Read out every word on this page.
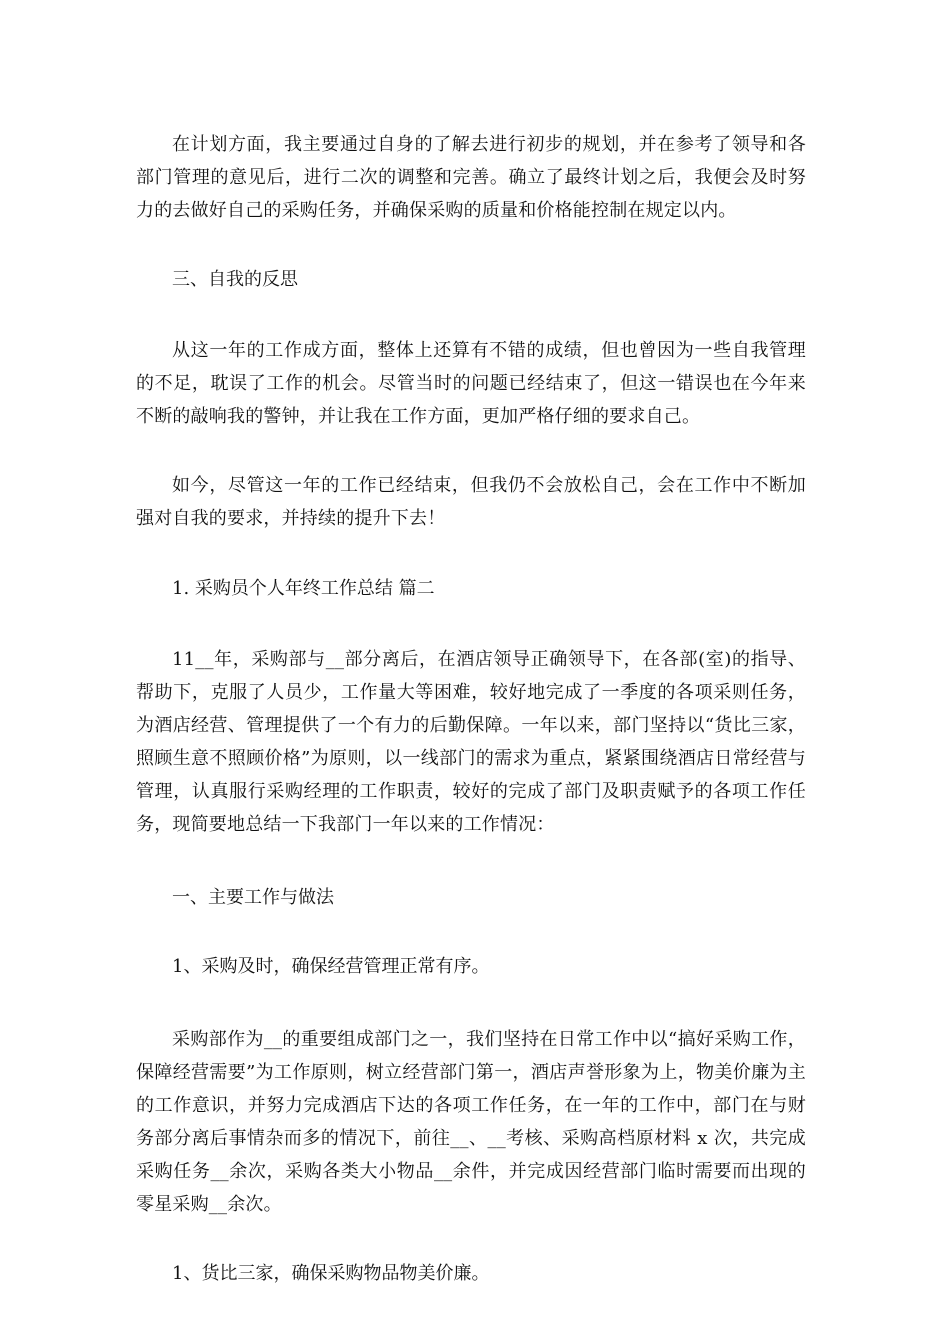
在计划方面，我主要通过自身的了解去进行初步的规划，并在参考了领导和各部门管理的意见后，进行二次的调整和完善。确立了最终计划之后，我便会及时努力的去做好自己的采购任务，并确保采购的质量和价格能控制在规定以内。

三、自我的反思

从这一年的工作成方面，整体上还算有不错的成绩，但也曾因为一些自我管理的不足，耽误了工作的机会。尽管当时的问题已经结束了，但这一错误也在今年来不断的敲响我的警钟，并让我在工作方面，更加严格仔细的要求自己。

如今，尽管这一年的工作已经结束，但我仍不会放松自己，会在工作中不断加强对自我的要求，并持续的提升下去！

1. 采购员个人年终工作总结 篇二

11__年，采购部与__部分离后，在酒店领导正确领导下，在各部(室)的指导、帮助下，克服了人员少，工作量大等困难，较好地完成了一季度的各项采则任务，为酒店经营、管理提供了一个有力的后勤保障。一年以来，部门坚持以“货比三家，照顾生意不照顾价格”为原则，以一线部门的需求为重点，紧紧围绕酒店日常经营与管理，认真服行采购经理的工作职责，较好的完成了部门及职责赋予的各项工作任务，现简要地总结一下我部门一年以来的工作情况：

一、主要工作与做法

1、采购及时，确保经营管理正常有序。

采购部作为__的重要组成部门之一，我们坚持在日常工作中以“搞好采购工作，保障经营需要”为工作原则，树立经营部门第一，酒店声誉形象为上，物美价廉为主的工作意识，并努力完成酒店下达的各项工作任务，在一年的工作中，部门在与财务部分离后事情杂而多的情况下，前往__、__考核、采购高档原材料 x 次，共完成采购任务__余次，采购各类大小物品__余件，并完成因经营部门临时需要而出现的零星采购__余次。

1、货比三家，确保采购物品物美价廉。
